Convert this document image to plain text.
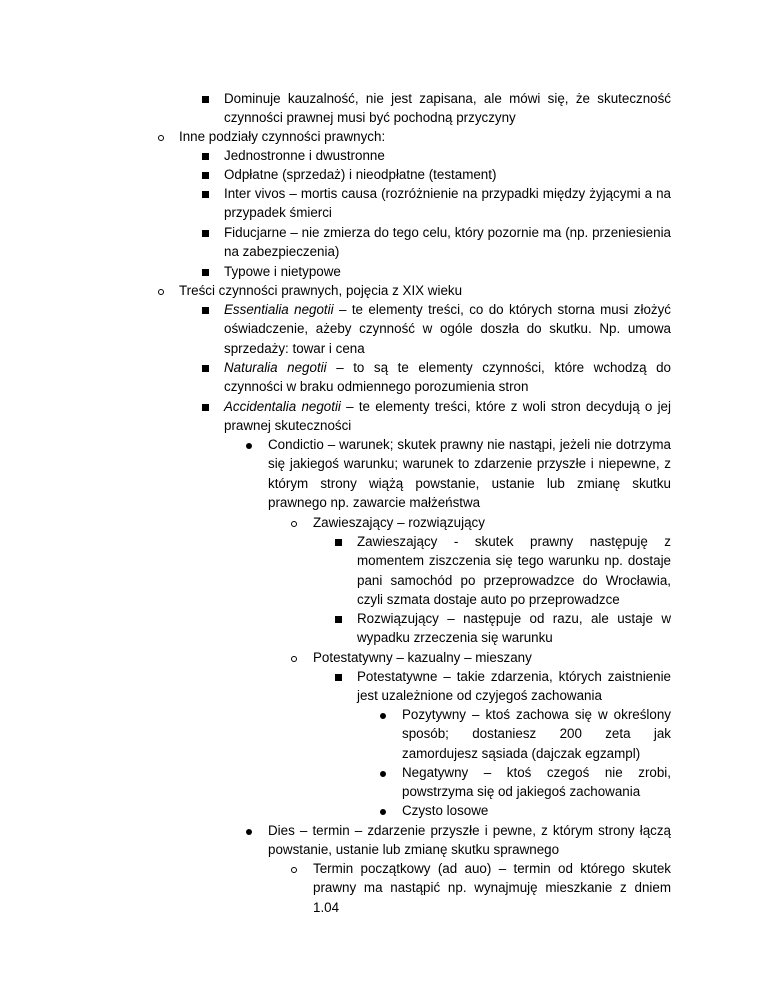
Dominuje kauzalność, nie jest zapisana, ale mówi się, że skuteczność czynności prawnej musi być pochodną przyczyny
Inne podziały czynności prawnych:
Jednostronne i dwustronne
Odpłatne (sprzedaż) i nieodpłatne (testament)
Inter vivos – mortis causa (rozróżnienie na przypadki między żyjącymi a na przypadek śmierci
Fiducjarne – nie zmierza do tego celu, który pozornie ma (np. przeniesienia na zabezpieczenia)
Typowe i nietypowe
Treści czynności prawnych, pojęcia z XIX wieku
Essentialia negotii – te elementy treści, co do których storna musi złożyć oświadczenie, ażeby czynność w ogóle doszła do skutku. Np. umowa sprzedaży: towar i cena
Naturalia negotii – to są te elementy czynności, które wchodzą do czynności w braku odmiennego porozumienia stron
Accidentalia negotii – te elementy treści, które z woli stron decydują o jej prawnej skuteczności
Condictio – warunek; skutek prawny nie nastąpi, jeżeli nie dotrzyma się jakiegoś warunku; warunek to zdarzenie przyszłe i niepewne, z którym strony wiążą powstanie, ustanie lub zmianę skutku prawnego np. zawarcie małżeństwa
Zawieszający – rozwiązujący
Zawieszający - skutek prawny następuję z momentem ziszczenia się tego warunku np. dostaje pani samochód po przeprowadzce do Wrocławia, czyli szmata dostaje auto po przeprowadzce
Rozwiązujący – następuje od razu, ale ustaje w wypadku zrzeczenia się warunku
Potestatywny – kazualny – mieszany
Potestatywne – takie zdarzenia, których zaistnienie jest uzależnione od czyjegoś zachowania
Pozytywny – ktoś zachowa się w określony sposób; dostaniesz 200 zeta jak zamordujesz sąsiada (dajczak egzampl)
Negatywny – ktoś czegoś nie zrobi, powstrzyma się od jakiegoś zachowania
Czysto losowe
Dies – termin – zdarzenie przyszłe i pewne, z którym strony łączą powstanie, ustanie lub zmianę skutku sprawnego
Termin początkowy (ad auo) – termin od którego skutek prawny ma nastąpić np. wynajmuję mieszkanie z dniem 1.04
